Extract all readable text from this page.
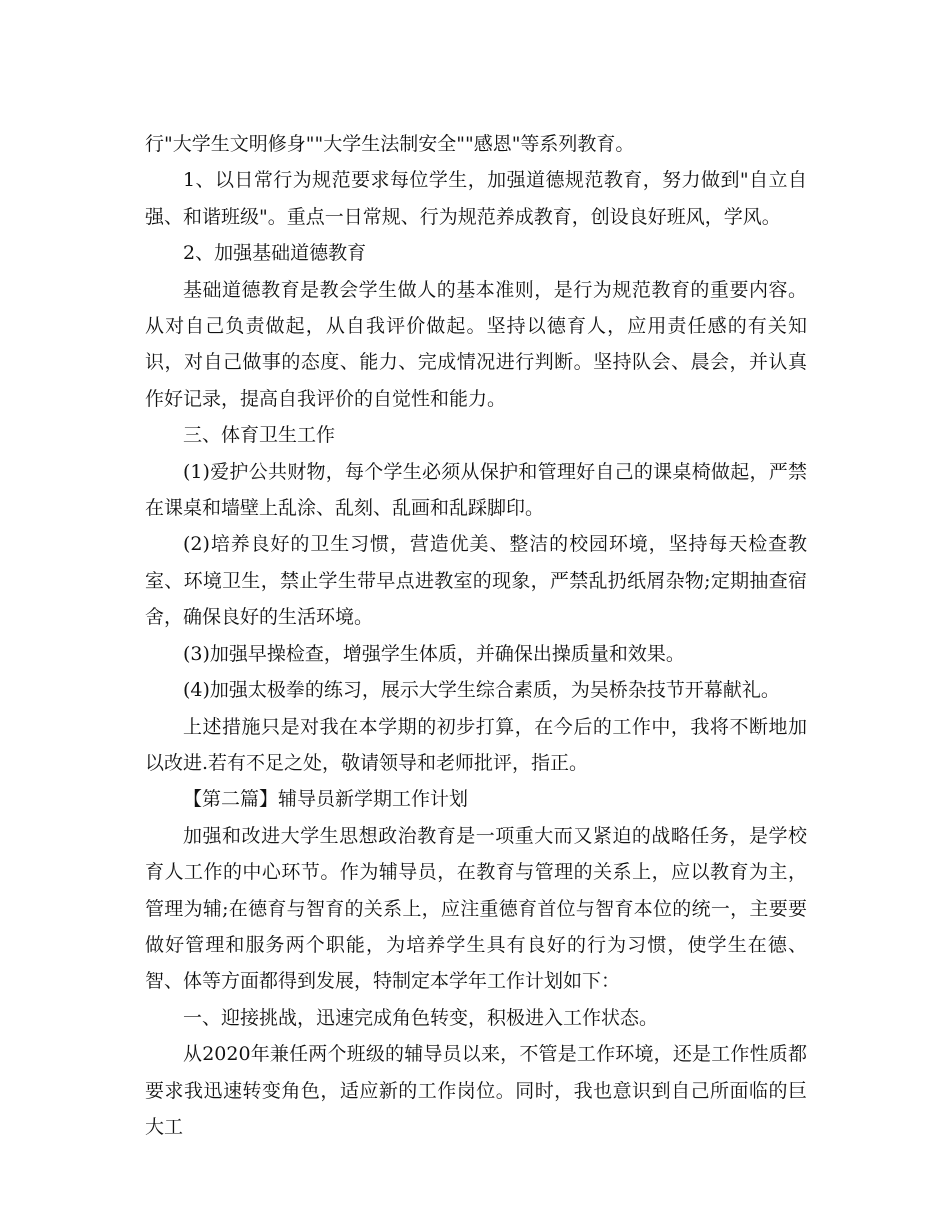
行"大学生文明修身""大学生法制安全""感恩"等系列教育。

1、以日常行为规范要求每位学生，加强道德规范教育，努力做到"自立自强、和谐班级"。重点一日常规、行为规范养成教育，创设良好班风，学风。

2、加强基础道德教育

基础道德教育是教会学生做人的基本准则，是行为规范教育的重要内容。从对自己负责做起，从自我评价做起。坚持以德育人，应用责任感的有关知识，对自己做事的态度、能力、完成情况进行判断。坚持队会、晨会，并认真作好记录，提高自我评价的自觉性和能力。

三、体育卫生工作

(1)爱护公共财物，每个学生必须从保护和管理好自己的课桌椅做起，严禁在课桌和墙壁上乱涂、乱刻、乱画和乱踩脚印。

(2)培养良好的卫生习惯，营造优美、整洁的校园环境，坚持每天检查教室、环境卫生，禁止学生带早点进教室的现象，严禁乱扔纸屑杂物;定期抽查宿舍，确保良好的生活环境。

(3)加强早操检查，增强学生体质，并确保出操质量和效果。

(4)加强太极拳的练习，展示大学生综合素质，为吴桥杂技节开幕献礼。

上述措施只是对我在本学期的初步打算，在今后的工作中，我将不断地加以改进.若有不足之处，敬请领导和老师批评，指正。

【第二篇】辅导员新学期工作计划

加强和改进大学生思想政治教育是一项重大而又紧迫的战略任务，是学校育人工作的中心环节。作为辅导员，在教育与管理的关系上，应以教育为主，管理为辅;在德育与智育的关系上，应注重德育首位与智育本位的统一，主要要做好管理和服务两个职能，为培养学生具有良好的行为习惯，使学生在德、智、体等方面都得到发展，特制定本学年工作计划如下：

一、迎接挑战，迅速完成角色转变，积极进入工作状态。

从2020年兼任两个班级的辅导员以来，不管是工作环境，还是工作性质都要求我迅速转变角色，适应新的工作岗位。同时，我也意识到自己所面临的巨大工
